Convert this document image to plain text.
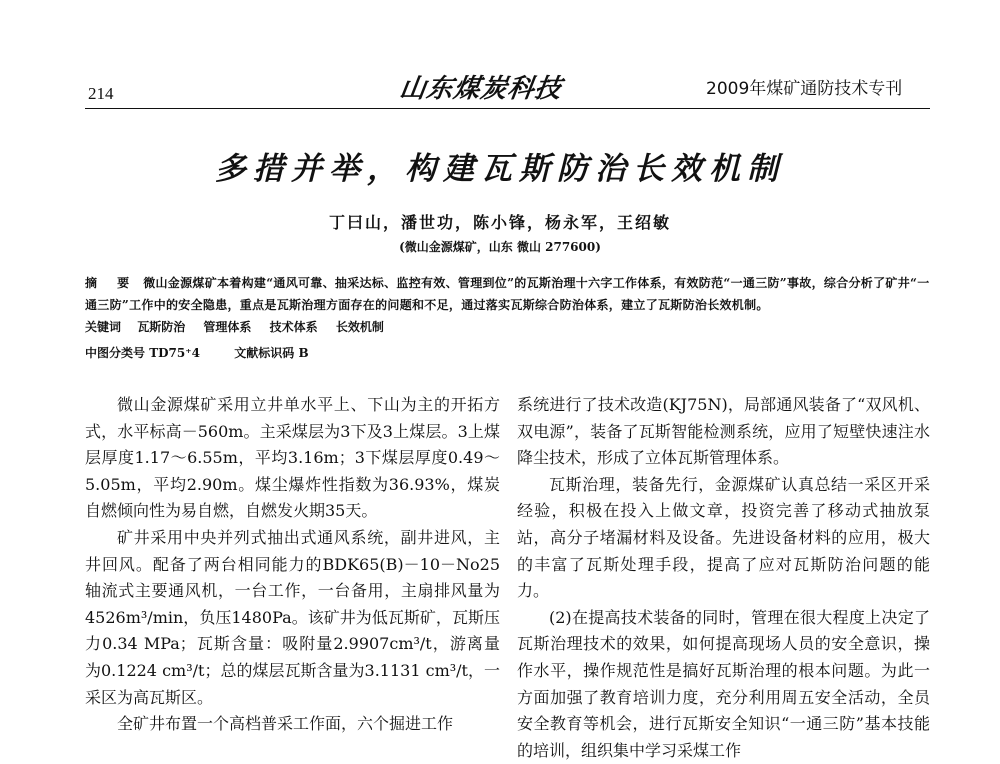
214	山东煤炭科技	2009年煤矿通防技术专刊
多措并举，构建瓦斯防治长效机制
丁曰山，潘世功，陈小锋，杨永军，王绍敏
(微山金源煤矿，山东 微山 277600)
摘 要 微山金源煤矿本着构建“通风可靠、抽采达标、监控有效、管理到位”的瓦斯治理十六字工作体系，有效防范“一通三防”事故，综合分析了矿井“一通三防”工作中的安全隐患，重点是瓦斯治理方面存在的问题和不足，通过落实瓦斯综合防治体系，建立了瓦斯防治长效机制。
关键词 瓦斯防治 管理体系 技术体系 长效机制
中图分类号 TD75⁺4	文献标识码 B

微山金源煤矿采用立井单水平上、下山为主的开拓方式，水平标高－560m。主采煤层为3下及3上煤层。3上煤层厚度1.17～6.55m，平均3.16m；3下煤层厚度0.49～5.05m，平均2.90m。煤尘爆炸性指数为36.93%，煤炭自燃倾向性为易自燃，自燃发火期35天。

矿井采用中央并列式抽出式通风系统，副井进风，主井回风。配备了两台相同能力的BDK65(B)－10－No25轴流式主要通风机，一台工作，一台备用，主扇排风量为4526m³/min，负压1480Pa。该矿井为低瓦斯矿，瓦斯压力0.34 MPa；瓦斯含量：吸附量2.9907cm³/t，游离量为0.1224 cm³/t；总的煤层瓦斯含量为3.1131 cm³/t，一采区为高瓦斯区。

全矿井布置一个高档普采工作面，六个掘进工作

系统进行了技术改造(KJ75N)，局部通风装备了“双风机、双电源”，装备了瓦斯智能检测系统，应用了短壁快速注水降尘技术，形成了立体瓦斯管理体系。

瓦斯治理，装备先行，金源煤矿认真总结一采区开采经验，积极在投入上做文章，投资完善了移动式抽放泵站，高分子堵漏材料及设备。先进设备材料的应用，极大的丰富了瓦斯处理手段，提高了应对瓦斯防治问题的能力。

(2)在提高技术装备的同时，管理在很大程度上决定了瓦斯治理技术的效果，如何提高现场人员的安全意识，操作水平，操作规范性是搞好瓦斯治理的根本问题。为此一方面加强了教育培训力度，充分利用周五安全活动，全员安全教育等机会，进行瓦斯安全知识“一通三防”基本技能的培训，组织集中学习采煤工作
